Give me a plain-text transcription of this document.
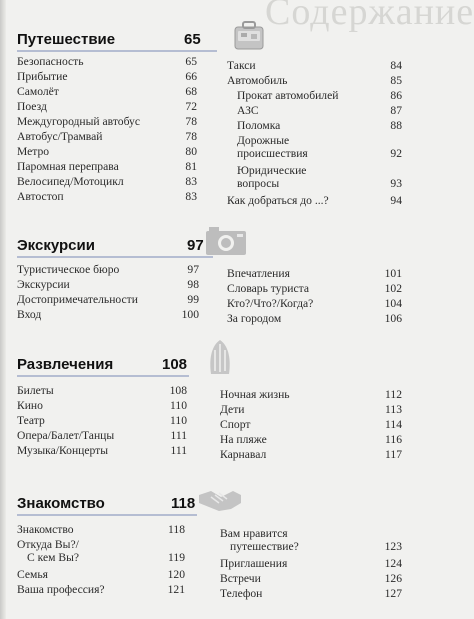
Содержание
Путешествие	65
Безопасность	65
Прибытие	66
Самолёт	68
Поезд	72
Междугородный автобус	78
Автобус/Трамвай	78
Метро	80
Паромная переправа	81
Велосипед/Мотоцикл	83
Автостоп	83
Такси	84
Автомобиль	85
Прокат автомобилей	86
АЗС	87
Поломка	88
Дорожные
происшествия	92
Юридические
вопросы	93
Как добраться до ...?	94
Экскурсии	97
Туристическое бюро	97
Экскурсии	98
Достопримечательности	99
Вход	100
Впечатления	101
Словарь туриста	102
Кто?/Что?/Когда?	104
За городом	106
Развлечения	108
Билеты	108
Кино	110
Театр	110
Опера/Балет/Танцы	111
Музыка/Концерты	111
Ночная жизнь	112
Дети	113
Спорт	114
На пляже	116
Карнавал	117
Знакомство	118
Знакомство	118
Откуда Вы?/
С кем Вы?	119
Семья	120
Ваша профессия?	121
Вам нравится
путешествие?	123
Приглашения	124
Встречи	126
Телефон	127
